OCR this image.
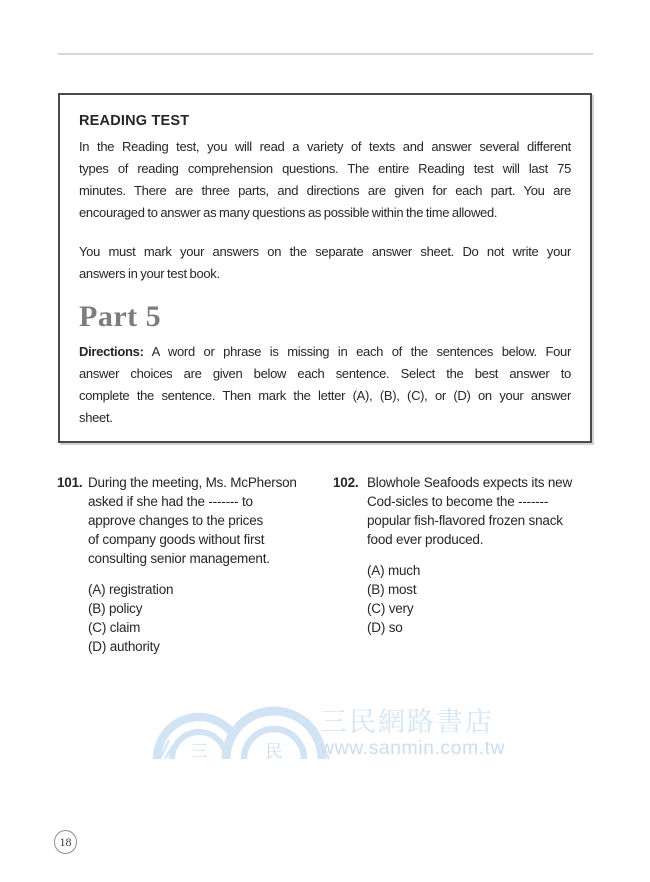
READING TEST
In the Reading test, you will read a variety of texts and answer several different
types of reading comprehension questions. The entire Reading test will last 75
minutes. There are three parts, and directions are given for each part. You are
encouraged to answer as many questions as possible within the time allowed.
You must mark your answers on the separate answer sheet. Do not write your
answers in your test book.
Part 5
Directions: A word or phrase is missing in each of the sentences below. Four
answer choices are given below each sentence. Select the best answer to
complete the sentence. Then mark the letter (A), (B), (C), or (D) on your answer
sheet.
101. During the meeting, Ms. McPherson
asked if she had the ------- to
approve changes to the prices
of company goods without first
consulting senior management.
(A) registration
(B) policy
(C) claim
(D) authority
102. Blowhole Seafoods expects its new
Cod-sicles to become the -------
popular fish-flavored frozen snack
food ever produced.
(A) much
(B) most
(C) very
(D) so
三	民
三民網路書店
www.sanmin.com.tw
18
